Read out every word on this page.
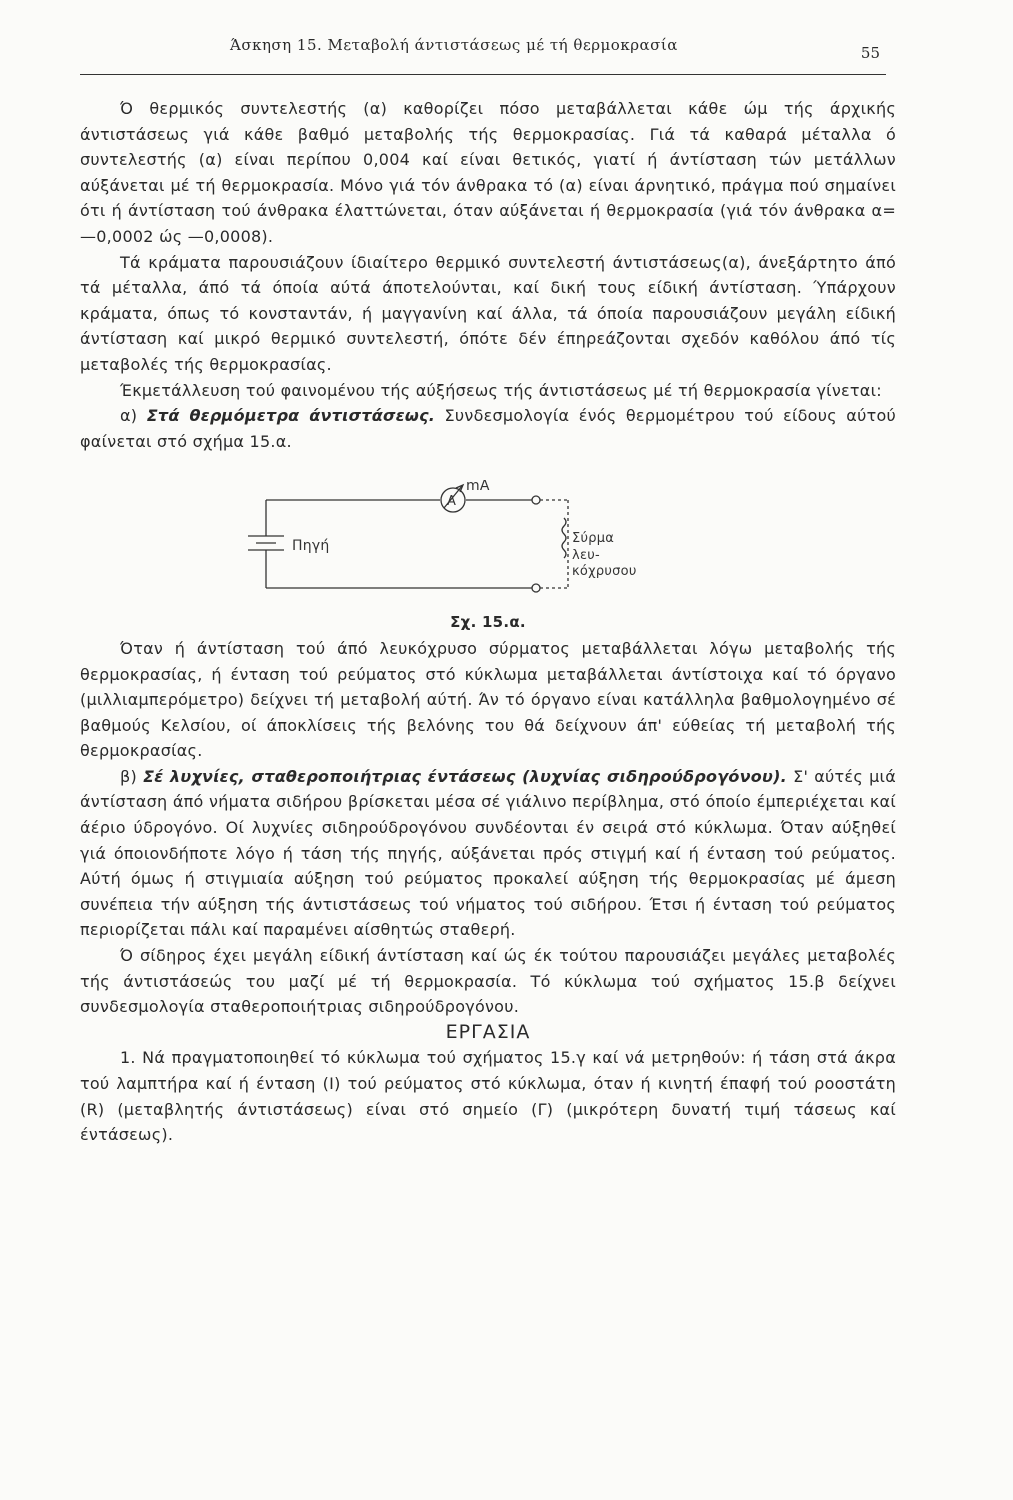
Άσκηση 15. Μεταβολή άντιστάσεως μέ τή θερμοκρασία	55

Ό θερμικός συντελεστής (α) καθορίζει πόσο μεταβάλλεται κάθε ώμ τής άρχικής άντιστάσεως γιά κάθε βαθμό μεταβολής τής θερμοκρασίας. Γιά τά καθαρά μέταλλα ό συντελεστής (α) είναι περίπου 0,004 καί είναι θετικός, γιατί ή άντίσταση τών μετάλλων αύξάνεται μέ τή θερμοκρασία. Μόνο γιά τόν άνθρακα τό (α) είναι άρνητικό, πράγμα πού σημαίνει ότι ή άντίσταση τού άνθρακα έλαττώνεται, όταν αύξάνεται ή θερμοκρασία (γιά τόν άνθρακα α=—0,0002 ώς —0,0008).

Τά κράματα παρουσιάζουν ίδιαίτερο θερμικό συντελεστή άντιστάσεως(α), άνεξάρτητο άπό τά μέταλλα, άπό τά όποία αύτά άποτελούνται, καί δική τους είδική άντίσταση. Ύπάρχουν κράματα, όπως τό κονσταντάν, ή μαγγανίνη καί άλλα, τά όποία παρουσιάζουν μεγάλη είδική άντίσταση καί μικρό θερμικό συντελεστή, όπότε δέν έπηρεάζονται σχεδόν καθόλου άπό τίς μεταβολές τής θερμοκρασίας.

Έκμετάλλευση τού φαινομένου τής αύξήσεως τής άντιστάσεως μέ τή θερμοκρασία γίνεται:

α) Στά θερμόμετρα άντιστάσεως. Συνδεσμολογία ένός θερμομέτρου τού είδους αύτού φαίνεται στό σχήμα 15.α.

A
mA
Πηγή	Σύρμα
λευ-
κόχρυσου

Σχ. 15.α.

Όταν ή άντίσταση τού άπό λευκόχρυσο σύρματος μεταβάλλεται λόγω μεταβολής τής θερμοκρασίας, ή ένταση τού ρεύματος στό κύκλωμα μεταβάλλεται άντίστοιχα καί τό όργανο (μιλλιαμπερόμετρο) δείχνει τή μεταβολή αύτή. Άν τό όργανο είναι κατάλληλα βαθμολογημένο σέ βαθμούς Κελσίου, οί άποκλίσεις τής βελόνης του θά δείχνουν άπ' εύθείας τή μεταβολή τής θερμοκρασίας.

β) Σέ λυχνίες, σταθεροποιήτριας έντάσεως (λυχνίας σιδηρούδρογόνου). Σ' αύτές μιά άντίσταση άπό νήματα σιδήρου βρίσκεται μέσα σέ γιάλινο περίβλημα, στό όποίο έμπεριέχεται καί άέριο ύδρογόνο. Οί λυχνίες σιδηρούδρογόνου συνδέονται έν σειρά στό κύκλωμα. Όταν αύξηθεί γιά όποιονδήποτε λόγο ή τάση τής πηγής, αύξάνεται πρός στιγμή καί ή ένταση τού ρεύματος. Αύτή όμως ή στιγμιαία αύξηση τού ρεύματος προκαλεί αύξηση τής θερμοκρασίας μέ άμεση συνέπεια τήν αύξηση τής άντιστάσεως τού νήματος τού σιδήρου. Έτσι ή ένταση τού ρεύματος περιορίζεται πάλι καί παραμένει αίσθητώς σταθερή.

Ό σίδηρος έχει μεγάλη είδική άντίσταση καί ώς έκ τούτου παρουσιάζει μεγάλες μεταβολές τής άντιστάσεώς του μαζί μέ τή θερμοκρασία. Τό κύκλωμα τού σχήματος 15.β δείχνει συνδεσμολογία σταθεροποιήτριας σιδηρούδρογόνου.

ΕΡΓΑΣΙΑ

1. Νά πραγματοποιηθεί τό κύκλωμα τού σχήματος 15.γ καί νά μετρηθούν: ή τάση στά άκρα τού λαμπτήρα καί ή ένταση (Ι) τού ρεύματος στό κύκλωμα, όταν ή κινητή έπαφή τού ροοστάτη (R) (μεταβλητής άντιστάσεως) είναι στό σημείο (Γ) (μικρότερη δυνατή τιμή τάσεως καί έντάσεως).
